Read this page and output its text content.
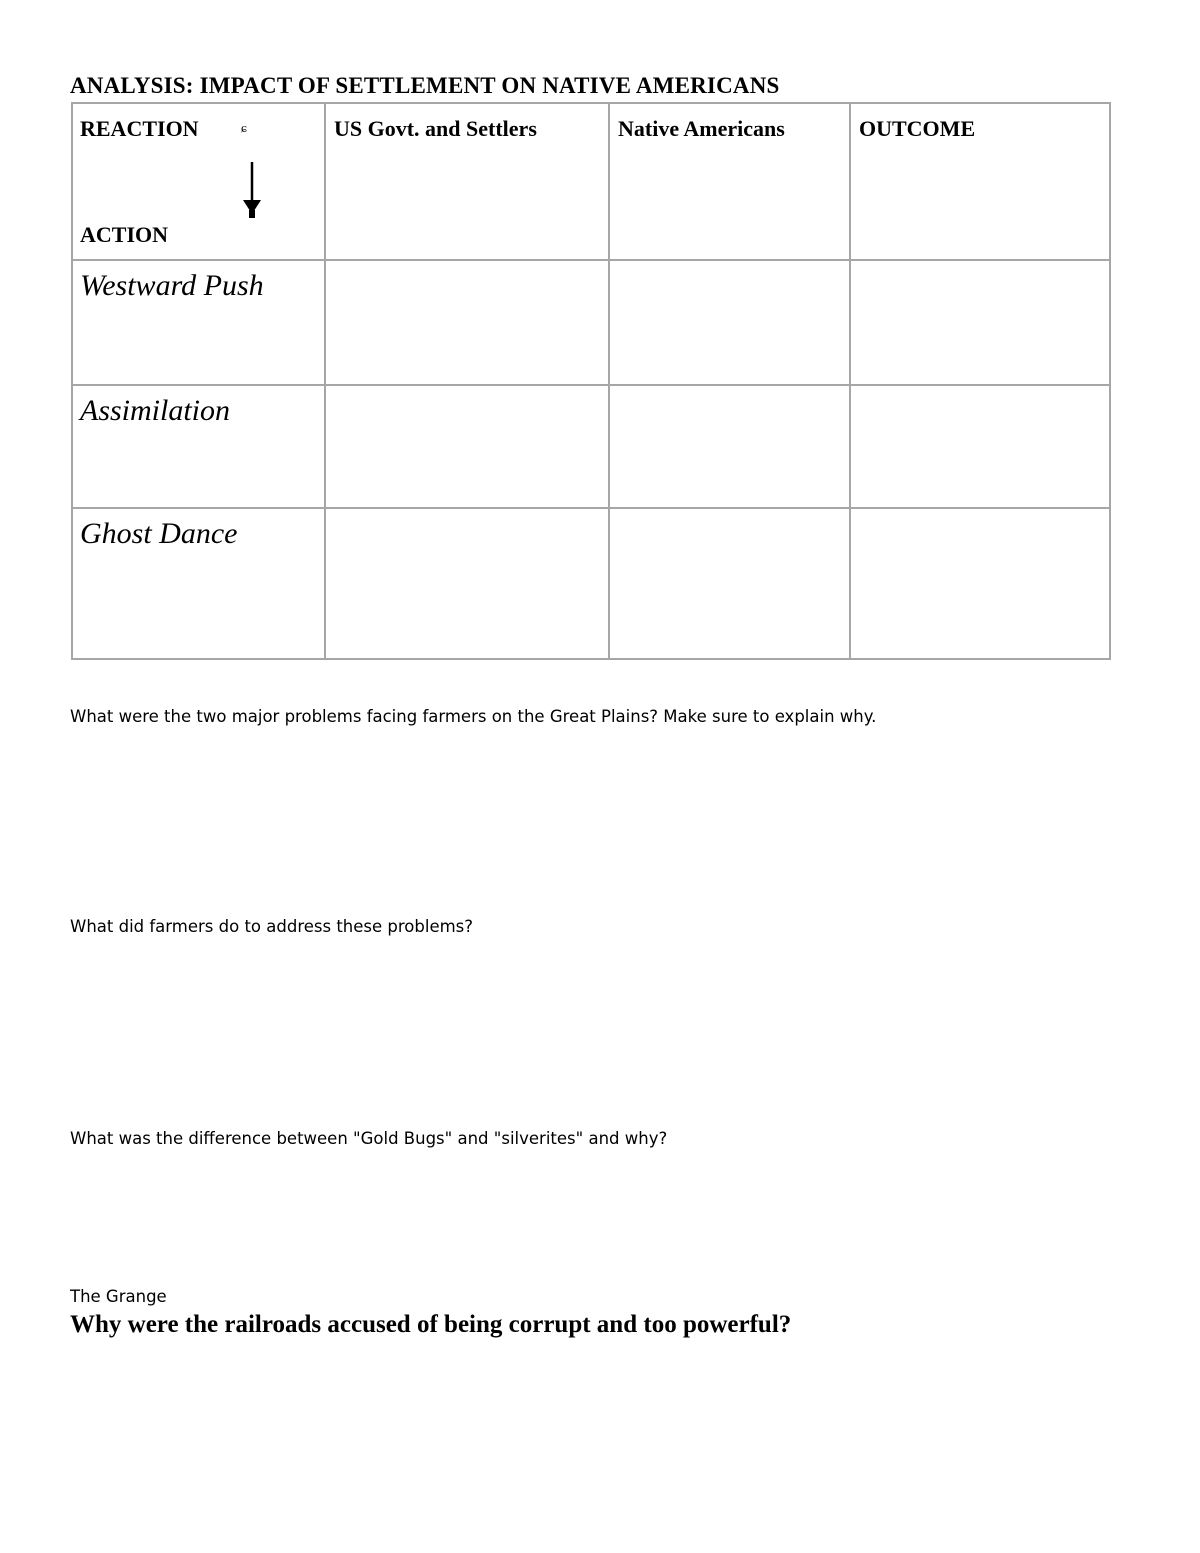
ANALYSIS: IMPACT OF SETTLEMENT ON NATIVE AMERICANS
REACTION ɕ
ACTION	US Govt. and Settlers	Native Americans	OUTCOME

Westward Push			

Assimilation			

Ghost Dance			

What were the two major problems facing farmers on the Great Plains? Make sure to explain why.
What did farmers do to address these problems?
What was the difference between "Gold Bugs" and "silverites" and why?
The Grange
Why were the railroads accused of being corrupt and too powerful?
